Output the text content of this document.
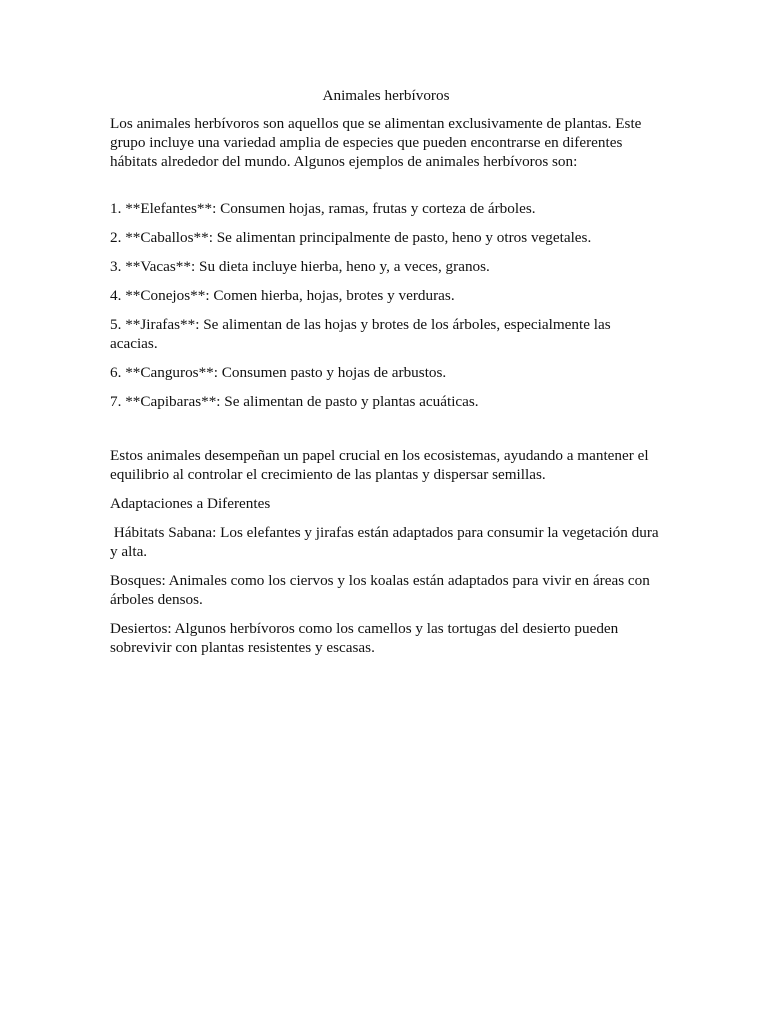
Animales herbívoros

Los animales herbívoros son aquellos que se alimentan exclusivamente de plantas. Este grupo incluye una variedad amplia de especies que pueden encontrarse en diferentes hábitats alrededor del mundo. Algunos ejemplos de animales herbívoros son:

1. **Elefantes**: Consumen hojas, ramas, frutas y corteza de árboles.

2. **Caballos**: Se alimentan principalmente de pasto, heno y otros vegetales.

3. **Vacas**: Su dieta incluye hierba, heno y, a veces, granos.

4. **Conejos**: Comen hierba, hojas, brotes y verduras.

5. **Jirafas**: Se alimentan de las hojas y brotes de los árboles, especialmente las acacias.

6. **Canguros**: Consumen pasto y hojas de arbustos.

7. **Capibaras**: Se alimentan de pasto y plantas acuáticas.

Estos animales desempeñan un papel crucial en los ecosistemas, ayudando a mantener el equilibrio al controlar el crecimiento de las plantas y dispersar semillas.

Adaptaciones a Diferentes

Hábitats Sabana: Los elefantes y jirafas están adaptados para consumir la vegetación dura y alta.

Bosques: Animales como los ciervos y los koalas están adaptados para vivir en áreas con árboles densos.

Desiertos: Algunos herbívoros como los camellos y las tortugas del desierto pueden sobrevivir con plantas resistentes y escasas.
